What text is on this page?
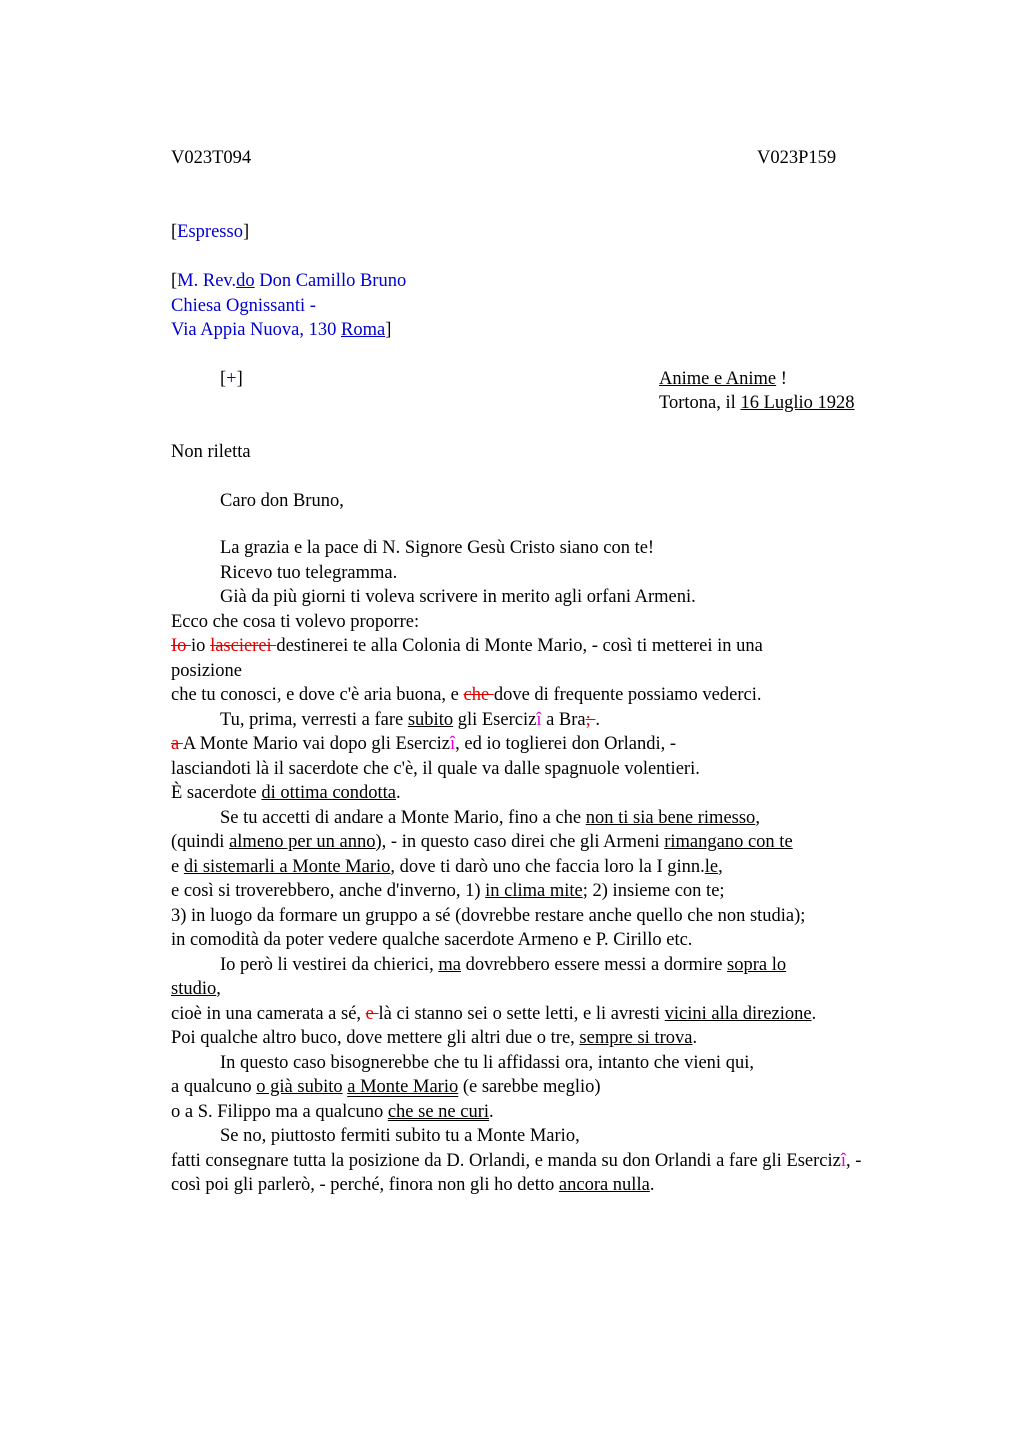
V023T094	V023P159
[Espresso]
[M. Rev.do Don Camillo Bruno
Chiesa Ognissanti -
Via Appia Nuova, 130 Roma]
[+]	Anime e Anime !
Tortona, il 16 Luglio 1928
Non riletta
Caro don Bruno,
La grazia e la pace di N. Signore Gesù Cristo siano con te!
Ricevo tuo telegramma.
Già da più giorni ti voleva scrivere in merito agli orfani Armeni.
Ecco che cosa ti volevo proporre:
Io io lascierei destinerei te alla Colonia di Monte Mario, - così ti metterei in una
posizione
che tu conosci, e dove c'è aria buona, e che dove di frequente possiamo vederci.
Tu, prima, verresti a fare subito gli Esercizî a Bra; .
a A Monte Mario vai dopo gli Esercizî, ed io toglierei don Orlandi, -
lasciandoti là il sacerdote che c'è, il quale va dalle spagnuole volentieri.
È sacerdote di ottima condotta.
Se tu accetti di andare a Monte Mario, fino a che non ti sia bene rimesso,
(quindi almeno per un anno), - in questo caso direi che gli Armeni rimangano con te
e di sistemarli a Monte Mario, dove ti darò uno che faccia loro la I ginn.le,
e così si troverebbero, anche d'inverno, 1) in clima mite; 2) insieme con te;
3) in luogo da formare un gruppo a sé (dovrebbe restare anche quello che non studia);
in comodità da poter vedere qualche sacerdote Armeno e P. Cirillo etc.
Io però li vestirei da chierici, ma dovrebbero essere messi a dormire sopra lo
studio,
cioè in una camerata a sé, e là ci stanno sei o sette letti, e li avresti vicini alla direzione.
Poi qualche altro buco, dove mettere gli altri due o tre, sempre si trova.
In questo caso bisognerebbe che tu li affidassi ora, intanto che vieni qui,
a qualcuno o già subito a Monte Mario (e sarebbe meglio)
o a S. Filippo ma a qualcuno che se ne curi.
Se no, piuttosto fermiti subito tu a Monte Mario,
fatti consegnare tutta la posizione da D. Orlandi, e manda su don Orlandi a fare gli Esercizî, -
così poi gli parlerò, - perché, finora non gli ho detto ancora nulla.
